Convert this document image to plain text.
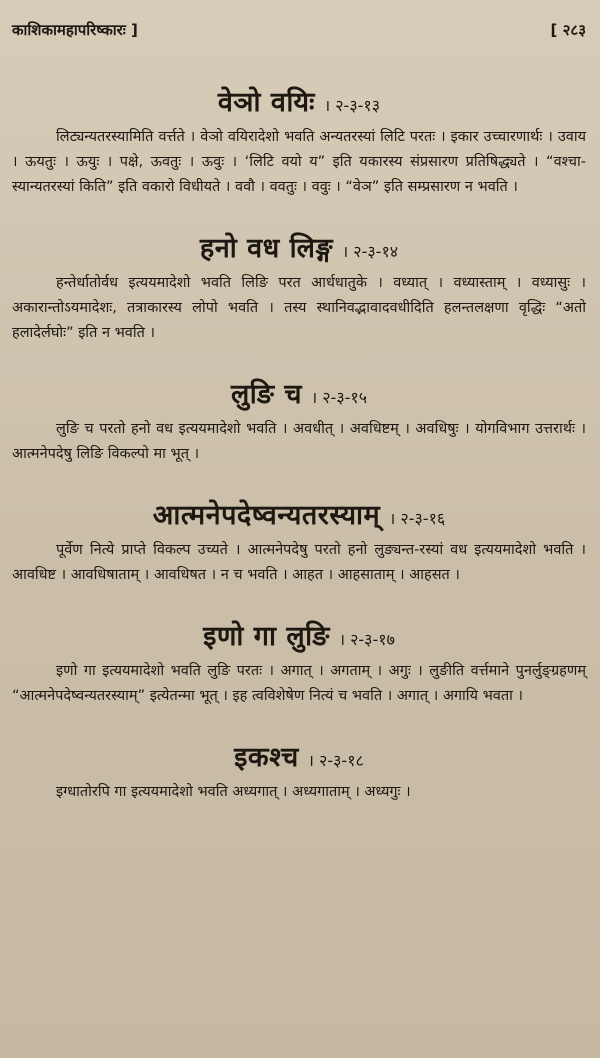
काशिकामहापरिष्कारः ]	[ २८३
वेञो वयिः । २-३-१३

लिट्यन्यतरस्यामिति वर्त्तते । वेञो वयिरादेशो भवति अन्यतरस्यां लिटि परतः । इकार उच्चारणार्थः । उवाय । ऊयतुः । ऊयुः । पक्षे, ऊवतुः । ऊवुः । ‘लिटि वयो य” इति यकारस्य संप्रसारण प्रतिषिद्ध्यते । “वश्चा-स्यान्यतरस्यां किति” इति वकारो विधीयते । ववौ । ववतुः । ववुः । “वेञ” इति सम्प्रसारण न भवति ।

हनो वध लिङ्ग । २-३-१४

हन्तेर्धातोर्वध इत्ययमादेशो भवति लिङि परत आर्धधातुके । वध्यात् । वध्यास्ताम् । वध्यासुः । अकारान्तोऽयमादेशः, तत्राकारस्य लोपो भवति । तस्य स्थानिवद्भावादवधीदिति हलन्तलक्षणा वृद्धिः “अतो हलादेर्लघोः” इति न भवति ।

लुङि च । २-३-१५

लुङि च परतो हनो वध इत्ययमादेशो भवति । अवधीत् । अवधिष्टम् । अवधिषुः । योगविभाग उत्तरार्थः । आत्मनेपदेषु लिङि विकल्पो मा भूत् ।

आत्मनेपदेष्वन्यतरस्याम् । २-३-१६

पूर्वेण नित्ये प्राप्ते विकल्प उच्यते । आत्मनेपदेषु परतो हनो लुङ्यन्त-रस्यां वध इत्ययमादेशो भवति । आवधिष्ट । आवधिषाताम् । आवधिषत । न च भवति । आहत । आहसाताम् । आहसत ।

इणो गा लुङि । २-३-१७

इणो गा इत्ययमादेशो भवति लुङि परतः । अगात् । अगताम् । अगुः । लुङीति वर्त्तमाने पुनर्लुङ्ग्रहणम् “आत्मनेपदेष्वन्यतरस्याम्” इत्येतन्मा भूत् । इह त्वविशेषेण नित्यं च भवति । अगात् । अगायि भवता ।

इकश्च । २-३-१८

इग्धातोरपि गा इत्ययमादेशो भवति अध्यगात् । अध्यगाताम् । अध्यगुः ।
